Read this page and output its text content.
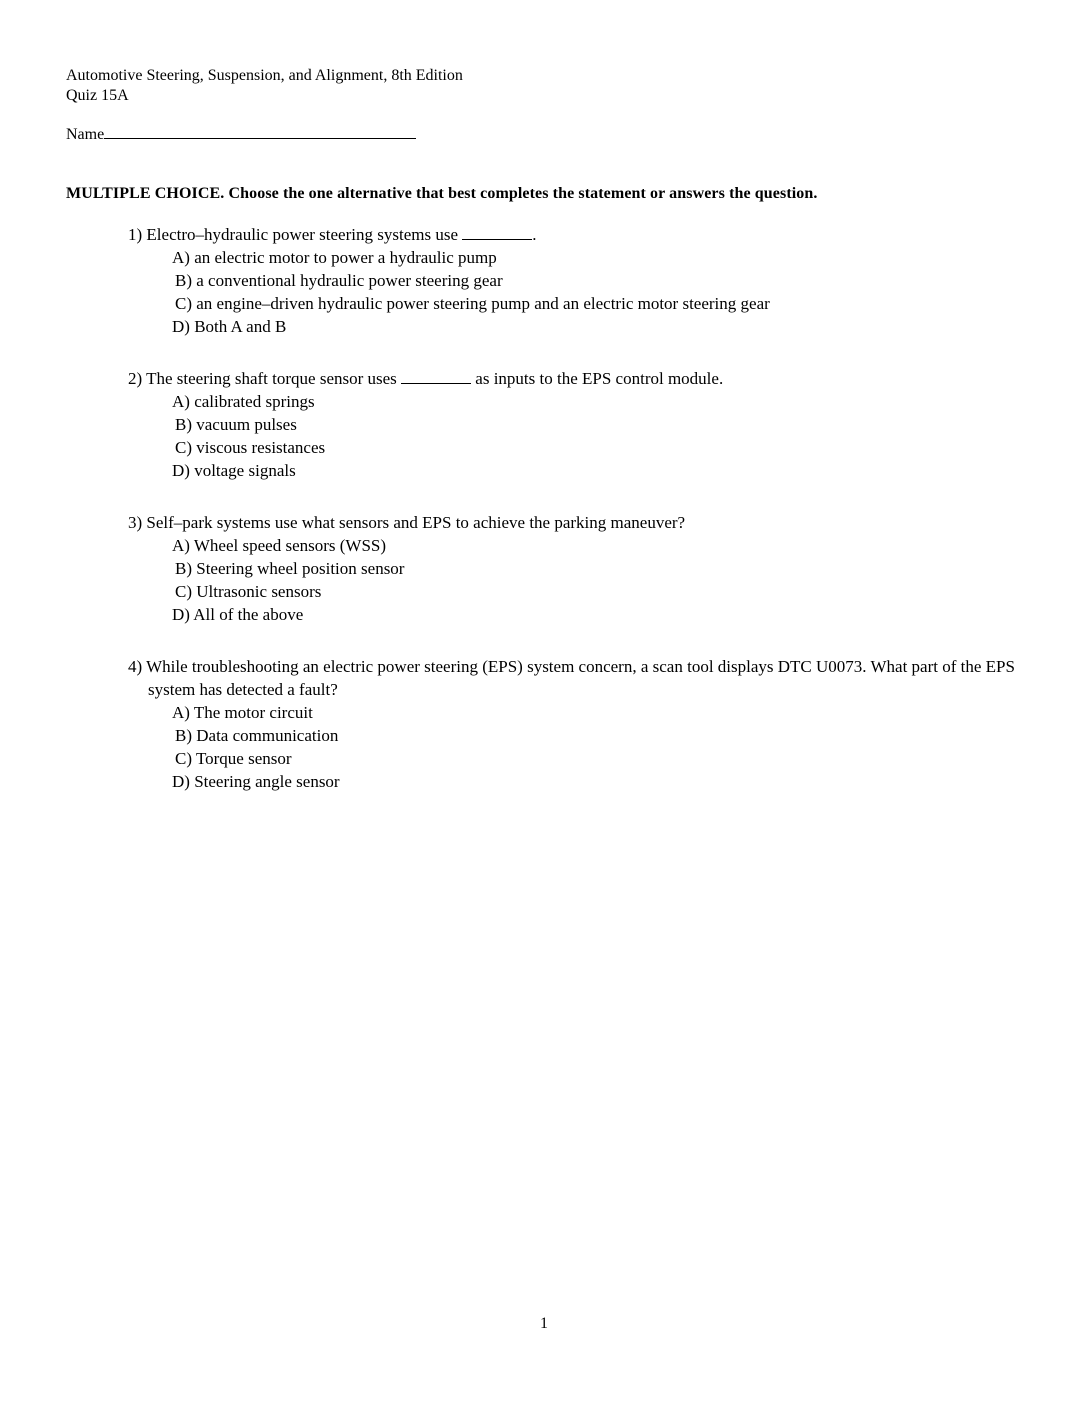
Automotive Steering, Suspension, and Alignment, 8th Edition
Quiz 15A
Name
MULTIPLE CHOICE. Choose the one alternative that best completes the statement or answers the question.
1) Electro–hydraulic power steering systems use	.
A) an electric motor to power a hydraulic pump
B) a conventional hydraulic power steering gear
C) an engine–driven hydraulic power steering pump and an electric motor steering gear
D) Both A and B
2) The steering shaft torque sensor uses	as inputs to the EPS control module.
A) calibrated springs
B) vacuum pulses
C) viscous resistances
D) voltage signals
3) Self–park systems use what sensors and EPS to achieve the parking maneuver?
A) Wheel speed sensors (WSS)
B) Steering wheel position sensor
C) Ultrasonic sensors
D) All of the above
4) While troubleshooting an electric power steering (EPS) system concern, a scan tool displays DTC U0073. What part of the EPS system has detected a fault?
A) The motor circuit
B) Data communication
C) Torque sensor
D) Steering angle sensor
1
